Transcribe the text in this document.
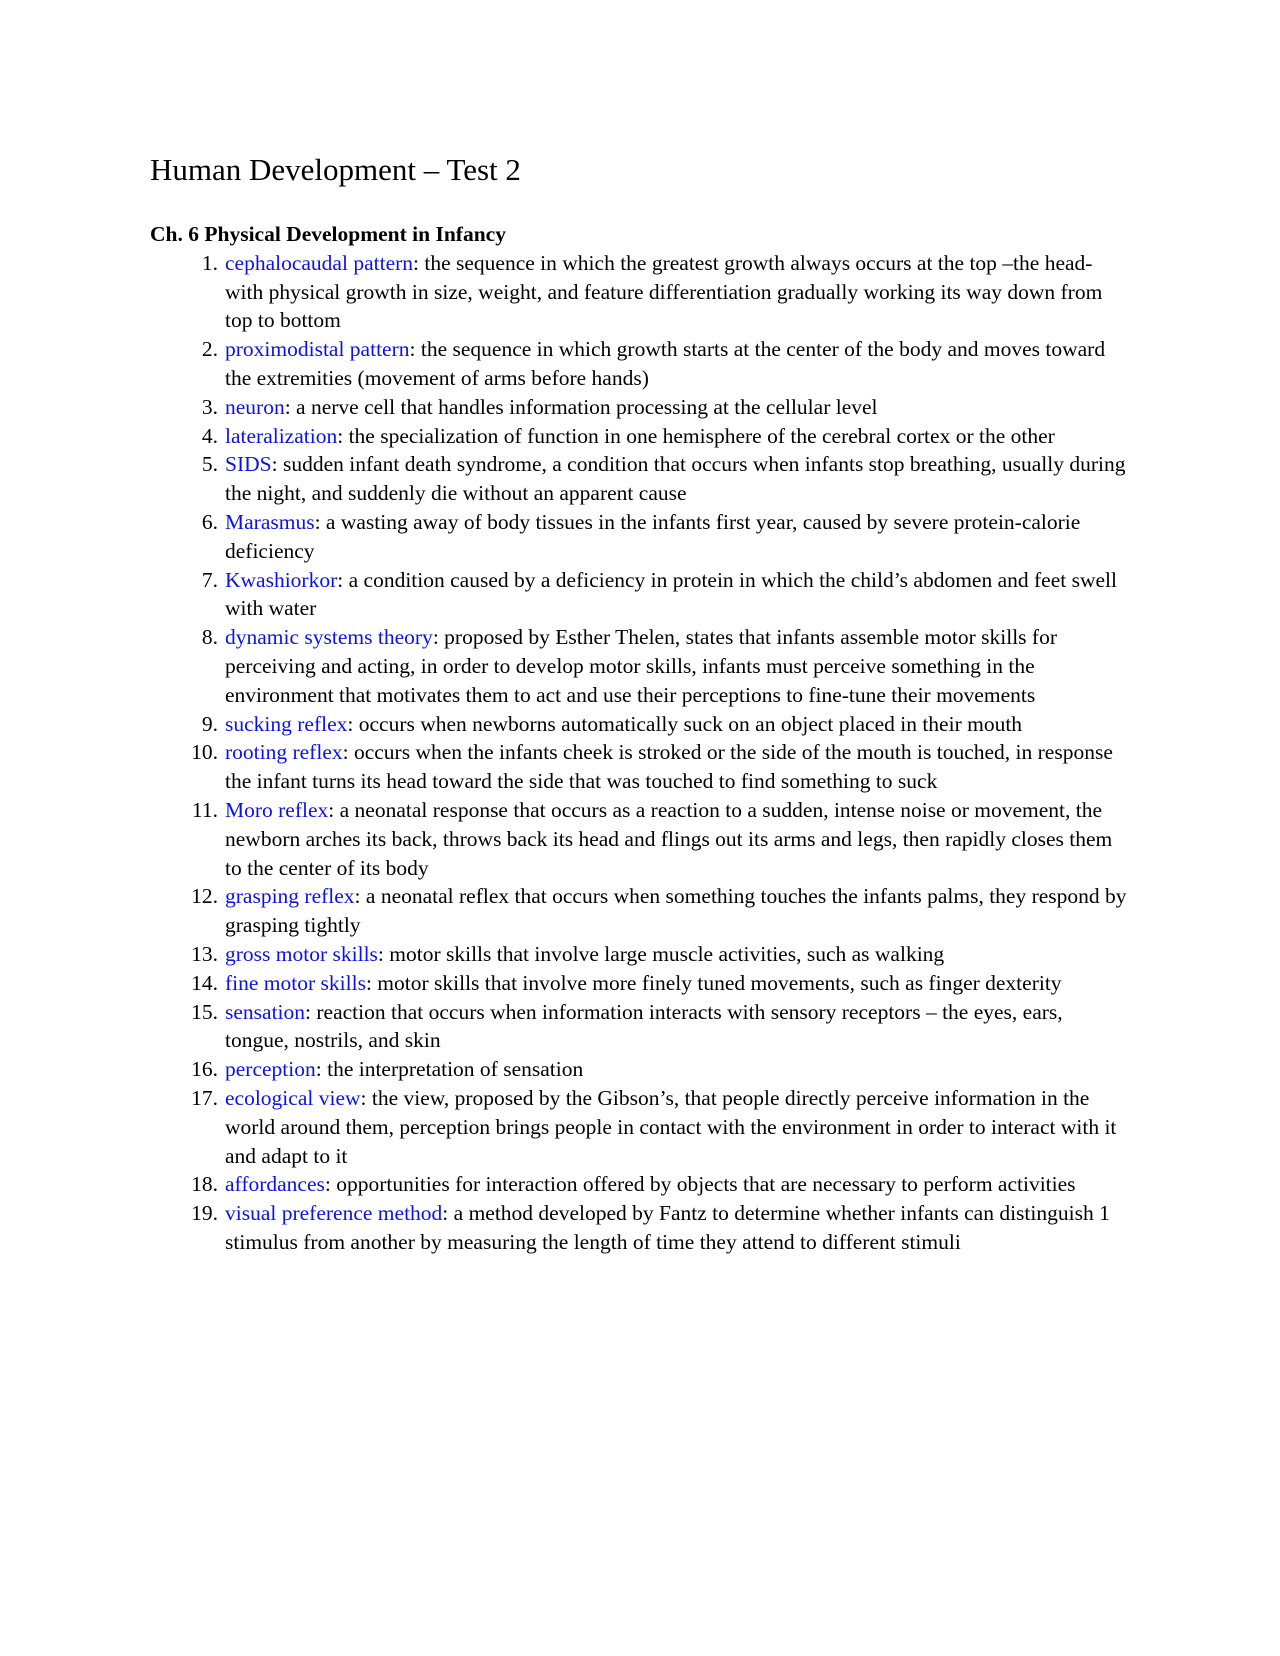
Human Development – Test 2
Ch. 6 Physical Development in Infancy
1. cephalocaudal pattern: the sequence in which the greatest growth always occurs at the top –the head- with physical growth in size, weight, and feature differentiation gradually working its way down from top to bottom
2. proximodistal pattern: the sequence in which growth starts at the center of the body and moves toward the extremities (movement of arms before hands)
3. neuron: a nerve cell that handles information processing at the cellular level
4. lateralization: the specialization of function in one hemisphere of the cerebral cortex or the other
5. SIDS: sudden infant death syndrome, a condition that occurs when infants stop breathing, usually during the night, and suddenly die without an apparent cause
6. Marasmus: a wasting away of body tissues in the infants first year, caused by severe protein-calorie deficiency
7. Kwashiorkor: a condition caused by a deficiency in protein in which the child’s abdomen and feet swell with water
8. dynamic systems theory: proposed by Esther Thelen, states that infants assemble motor skills for perceiving and acting, in order to develop motor skills, infants must perceive something in the environment that motivates them to act and use their perceptions to fine-tune their movements
9. sucking reflex: occurs when newborns automatically suck on an object placed in their mouth
10. rooting reflex: occurs when the infants cheek is stroked or the side of the mouth is touched, in response the infant turns its head toward the side that was touched to find something to suck
11. Moro reflex: a neonatal response that occurs as a reaction to a sudden, intense noise or movement, the newborn arches its back, throws back its head and flings out its arms and legs, then rapidly closes them to the center of its body
12. grasping reflex: a neonatal reflex that occurs when something touches the infants palms, they respond by grasping tightly
13. gross motor skills: motor skills that involve large muscle activities, such as walking
14. fine motor skills: motor skills that involve more finely tuned movements, such as finger dexterity
15. sensation: reaction that occurs when information interacts with sensory receptors – the eyes, ears, tongue, nostrils, and skin
16. perception: the interpretation of sensation
17. ecological view: the view, proposed by the Gibson’s, that people directly perceive information in the world around them, perception brings people in contact with the environment in order to interact with it and adapt to it
18. affordances: opportunities for interaction offered by objects that are necessary to perform activities
19. visual preference method: a method developed by Fantz to determine whether infants can distinguish 1 stimulus from another by measuring the length of time they attend to different stimuli
